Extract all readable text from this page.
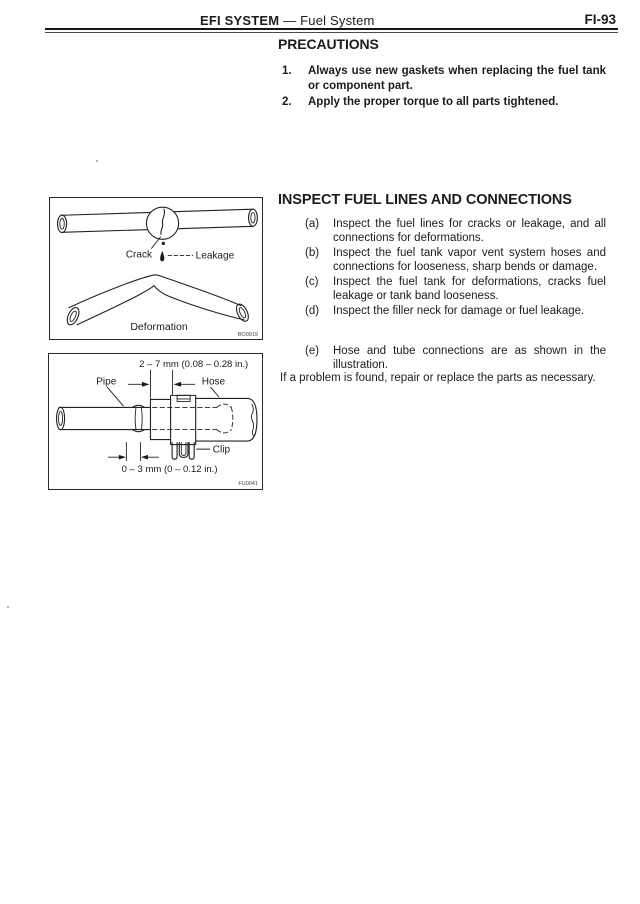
EFI SYSTEM — Fuel System	FI-93
PRECAUTIONS
1. Always use new gaskets when replacing the fuel tank or component part.
2. Apply the proper torque to all parts tightened.
INSPECT FUEL LINES AND CONNECTIONS
(a) Inspect the fuel lines for cracks or leakage, and all connections for deformations.
(b) Inspect the fuel tank vapor vent system hoses and connections for looseness, sharp bends or damage.
(c) Inspect the fuel tank for deformations, cracks fuel leakage or tank band looseness.
(d) Inspect the filler neck for damage or fuel leakage.
(e) Hose and tube connections are as shown in the illustration.
If a problem is found, repair or replace the parts as necessary.
Crack	Leakage
Deformation
BO0919
2 – 7 mm (0.08 – 0.28 in.)
Pipe	Hose
Clip
0 – 3 mm (0 – 0.12 in.)
FU0041
